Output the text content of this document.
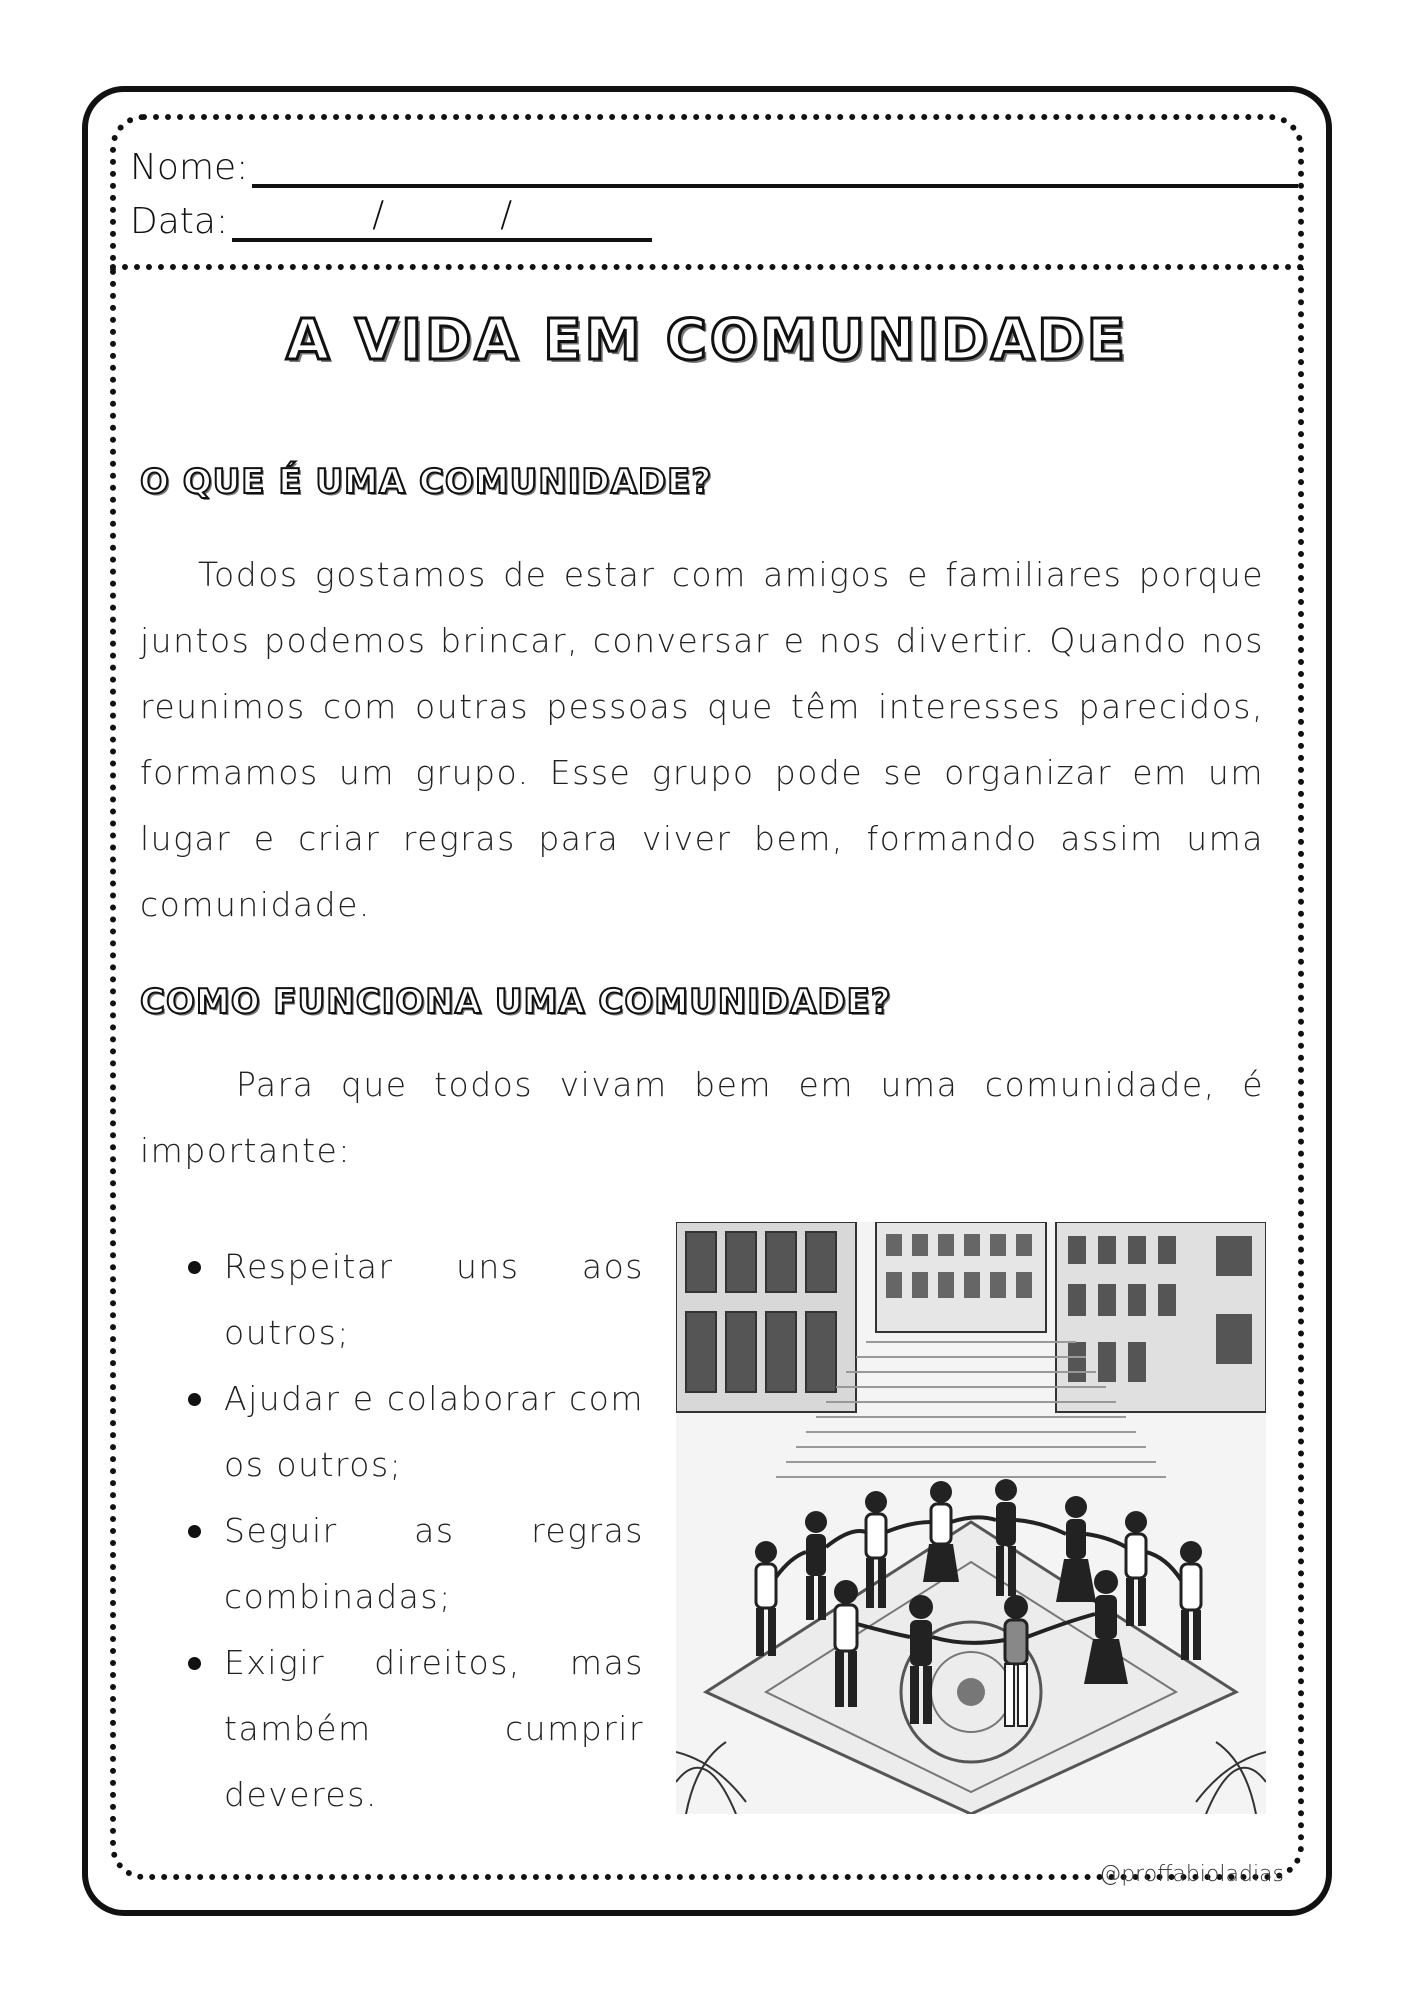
Nome:
Data:	/	/
A VIDA EM COMUNIDADE
O QUE É UMA COMUNIDADE?

Todos gostamos de estar com amigos e familiares porque juntos podemos brincar, conversar e nos divertir. Quando nos reunimos com outras pessoas que têm interesses parecidos, formamos um grupo. Esse grupo pode se organizar em um lugar e criar regras para viver bem, formando assim uma comunidade.

COMO FUNCIONA UMA COMUNIDADE?

Para que todos vivam bem em uma comunidade, é importante:

Respeitar uns aos outros;
Ajudar e colaborar com os outros;
Seguir as regras combinadas;
Exigir direitos, mas também cumprir deveres.
@proffabioladias
